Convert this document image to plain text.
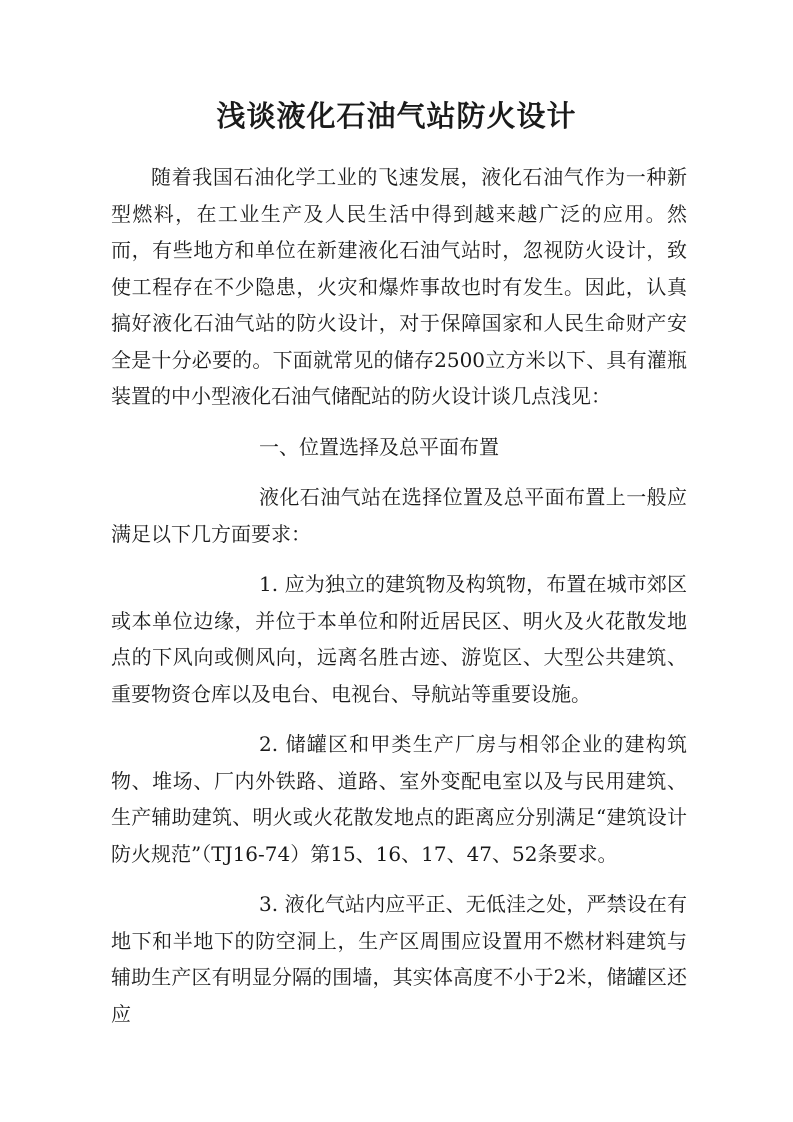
浅谈液化石油气站防火设计

随着我国石油化学工业的飞速发展，液化石油气作为一种新型燃料，在工业生产及人民生活中得到越来越广泛的应用。然而，有些地方和单位在新建液化石油气站时，忽视防火设计，致使工程存在不少隐患，火灾和爆炸事故也时有发生。因此，认真搞好液化石油气站的防火设计，对于保障国家和人民生命财产安全是十分必要的。下面就常见的储存2500立方米以下、具有灌瓶装置的中小型液化石油气储配站的防火设计谈几点浅见：

一、位置选择及总平面布置

液化石油气站在选择位置及总平面布置上一般应满足以下几方面要求：

1. 应为独立的建筑物及构筑物，布置在城市郊区或本单位边缘，并位于本单位和附近居民区、明火及火花散发地点的下风向或侧风向，远离名胜古迹、游览区、大型公共建筑、重要物资仓库以及电台、电视台、导航站等重要设施。

2. 储罐区和甲类生产厂房与相邻企业的建构筑物、堆场、厂内外铁路、道路、室外变配电室以及与民用建筑、生产辅助建筑、明火或火花散发地点的距离应分别满足“建筑设计防火规范”（TJ16-74）第15、16、17、47、52条要求。

3. 液化气站内应平正、无低洼之处，严禁设在有地下和半地下的防空洞上，生产区周围应设置用不燃材料建筑与辅助生产区有明显分隔的围墙，其实体高度不小于2米，储罐区还应
